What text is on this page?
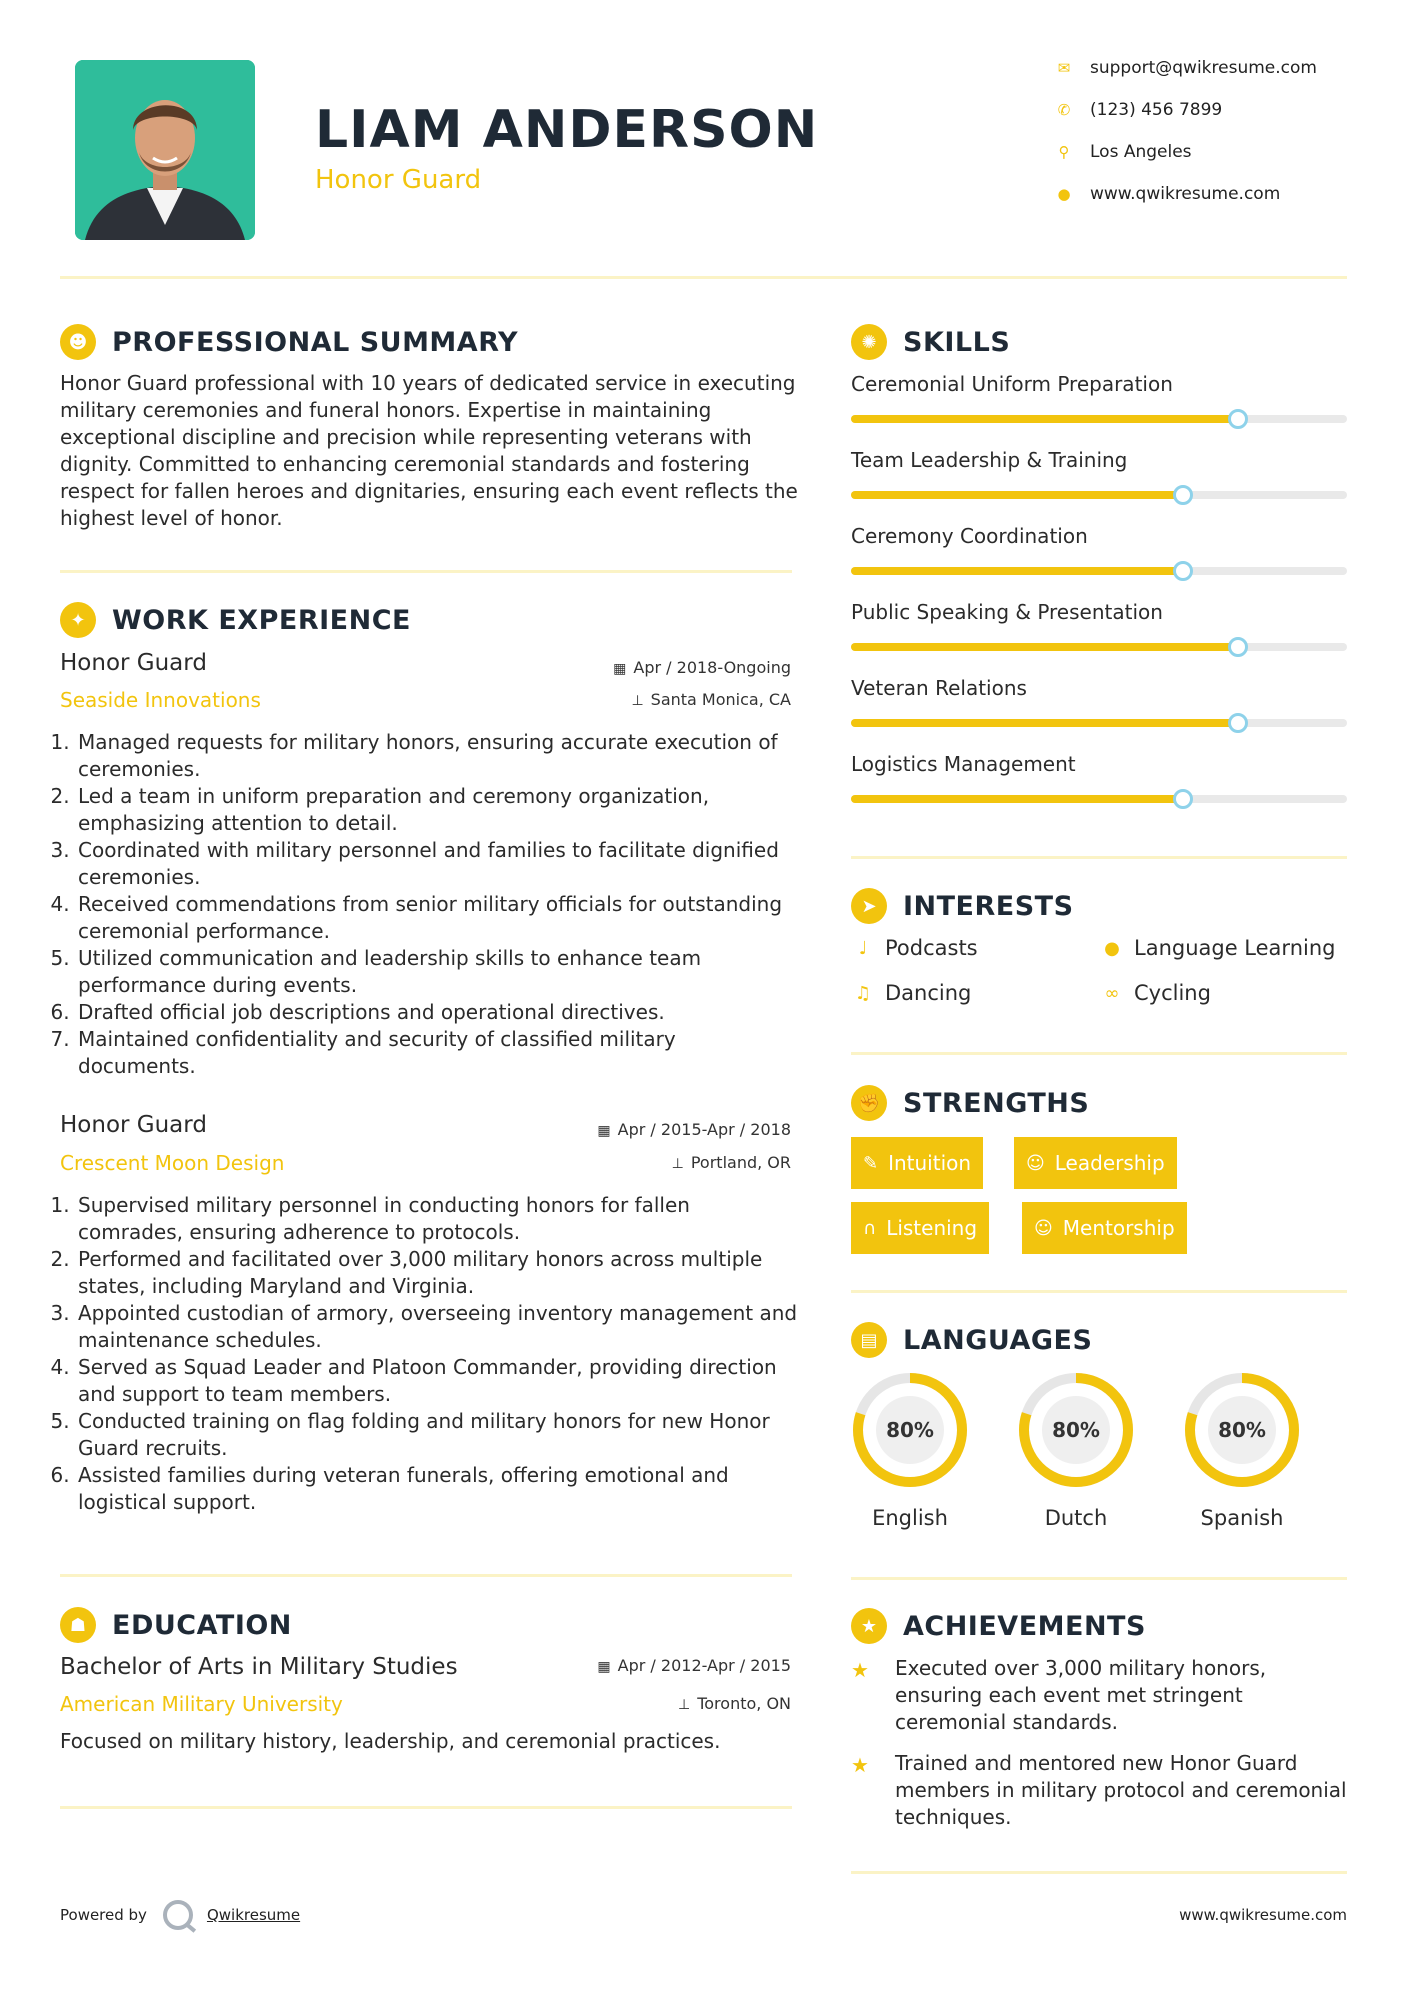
LIAM ANDERSON
Honor Guard
✉	support@qwikresume.com
✆	(123) 456 7899
⚲	Los Angeles
●	www.qwikresume.com
☻ PROFESSIONAL SUMMARY
Honor Guard professional with 10 years of dedicated service in executing military ceremonies and funeral honors. Expertise in maintaining exceptional discipline and precision while representing veterans with dignity. Committed to enhancing ceremonial standards and fostering respect for fallen heroes and dignitaries, ensuring each event reflects the highest level of honor.
✦ WORK EXPERIENCE
Honor Guard	▦ Apr / 2018-Ongoing
Seaside Innovations	⊥ Santa Monica, CA
1. Managed requests for military honors, ensuring accurate execution of ceremonies.
2. Led a team in uniform preparation and ceremony organization, emphasizing attention to detail.
3. Coordinated with military personnel and families to facilitate dignified ceremonies.
4. Received commendations from senior military officials for outstanding ceremonial performance.
5. Utilized communication and leadership skills to enhance team performance during events.
6. Drafted official job descriptions and operational directives.
7. Maintained confidentiality and security of classified military documents.
Honor Guard	▦ Apr / 2015-Apr / 2018
Crescent Moon Design	⊥ Portland, OR
1. Supervised military personnel in conducting honors for fallen comrades, ensuring adherence to protocols.
2. Performed and facilitated over 3,000 military honors across multiple states, including Maryland and Virginia.
3. Appointed custodian of armory, overseeing inventory management and maintenance schedules.
4. Served as Squad Leader and Platoon Commander, providing direction and support to team members.
5. Conducted training on flag folding and military honors for new Honor Guard recruits.
6. Assisted families during veteran funerals, offering emotional and logistical support.
☗ EDUCATION
Bachelor of Arts in Military Studies	▦ Apr / 2012-Apr / 2015
American Military University	⊥ Toronto, ON
Focused on military history, leadership, and ceremonial practices.
✺ SKILLS
Ceremonial Uniform Preparation
Team Leadership & Training
Ceremony Coordination
Public Speaking & Presentation
Veteran Relations
Logistics Management
➤ INTERESTS
♩ Podcasts	● Language Learning
♫ Dancing	∞ Cycling
✊ STRENGTHS
✎ Intuition	☺ Leadership
∩ Listening	☺ Mentorship
▤ LANGUAGES
80%
English
80%
Dutch
80%
Spanish
★ ACHIEVEMENTS
★	Executed over 3,000 military honors, ensuring each event met stringent ceremonial standards.
★	Trained and mentored new Honor Guard members in military protocol and ceremonial techniques.
Powered by	Qwikresume	www.qwikresume.com
